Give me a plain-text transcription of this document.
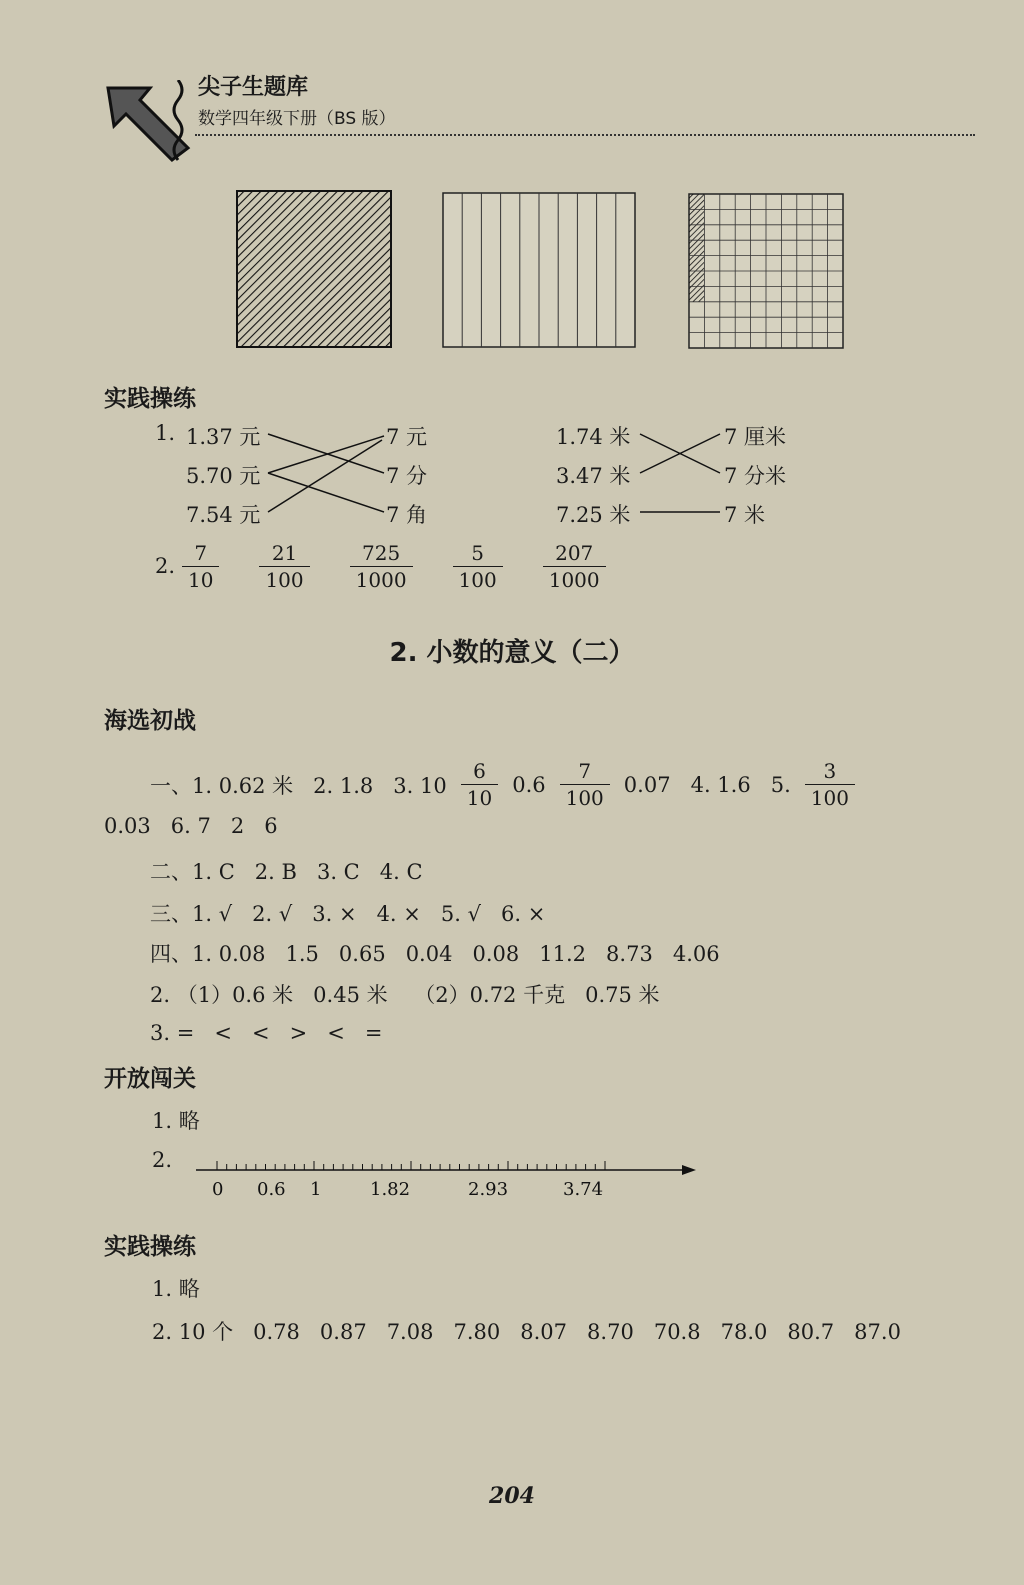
尖子生题库
数学四年级下册（BS 版）
实践操练
1. 1.37 元
5.70 元
7.54 元
7 元
7 分
7 角
1.74 米
3.47 米
7.25 米
7 厘米
7 分米
7 米
2. $\frac{7}{10} \frac{21}{100} \frac{725}{1000} \frac{5}{100} \frac{207}{1000}$
2. 小数的意义（二）
海选初战
一、1. 0.62 米   2. 1.8   3. $10 \frac{6}{10} 0.6 \frac{7}{100} 0.07$   4. 1.6   5. $\frac{3}{100}$
0.03   6. 7   2   6
二、1. C   2. B   3. C   4. C
三、1. √   2. √   3. ×   4. ×   5. √   6. ×
四、1. 0.08   1.5   0.65   0.04   0.08   11.2   8.73   4.06
2. （1）0.6 米   0.45 米    （2）0.72 千克   0.75 米
3. =   <   <   >   <   =
开放闯关
1. 略
2.
0 0.6 1	1.82	2.93	3.74
实践操练
1. 略
2. 10 个   0.78   0.87   7.08   7.80   8.07   8.70   70.8   78.0   80.7   87.0
204
